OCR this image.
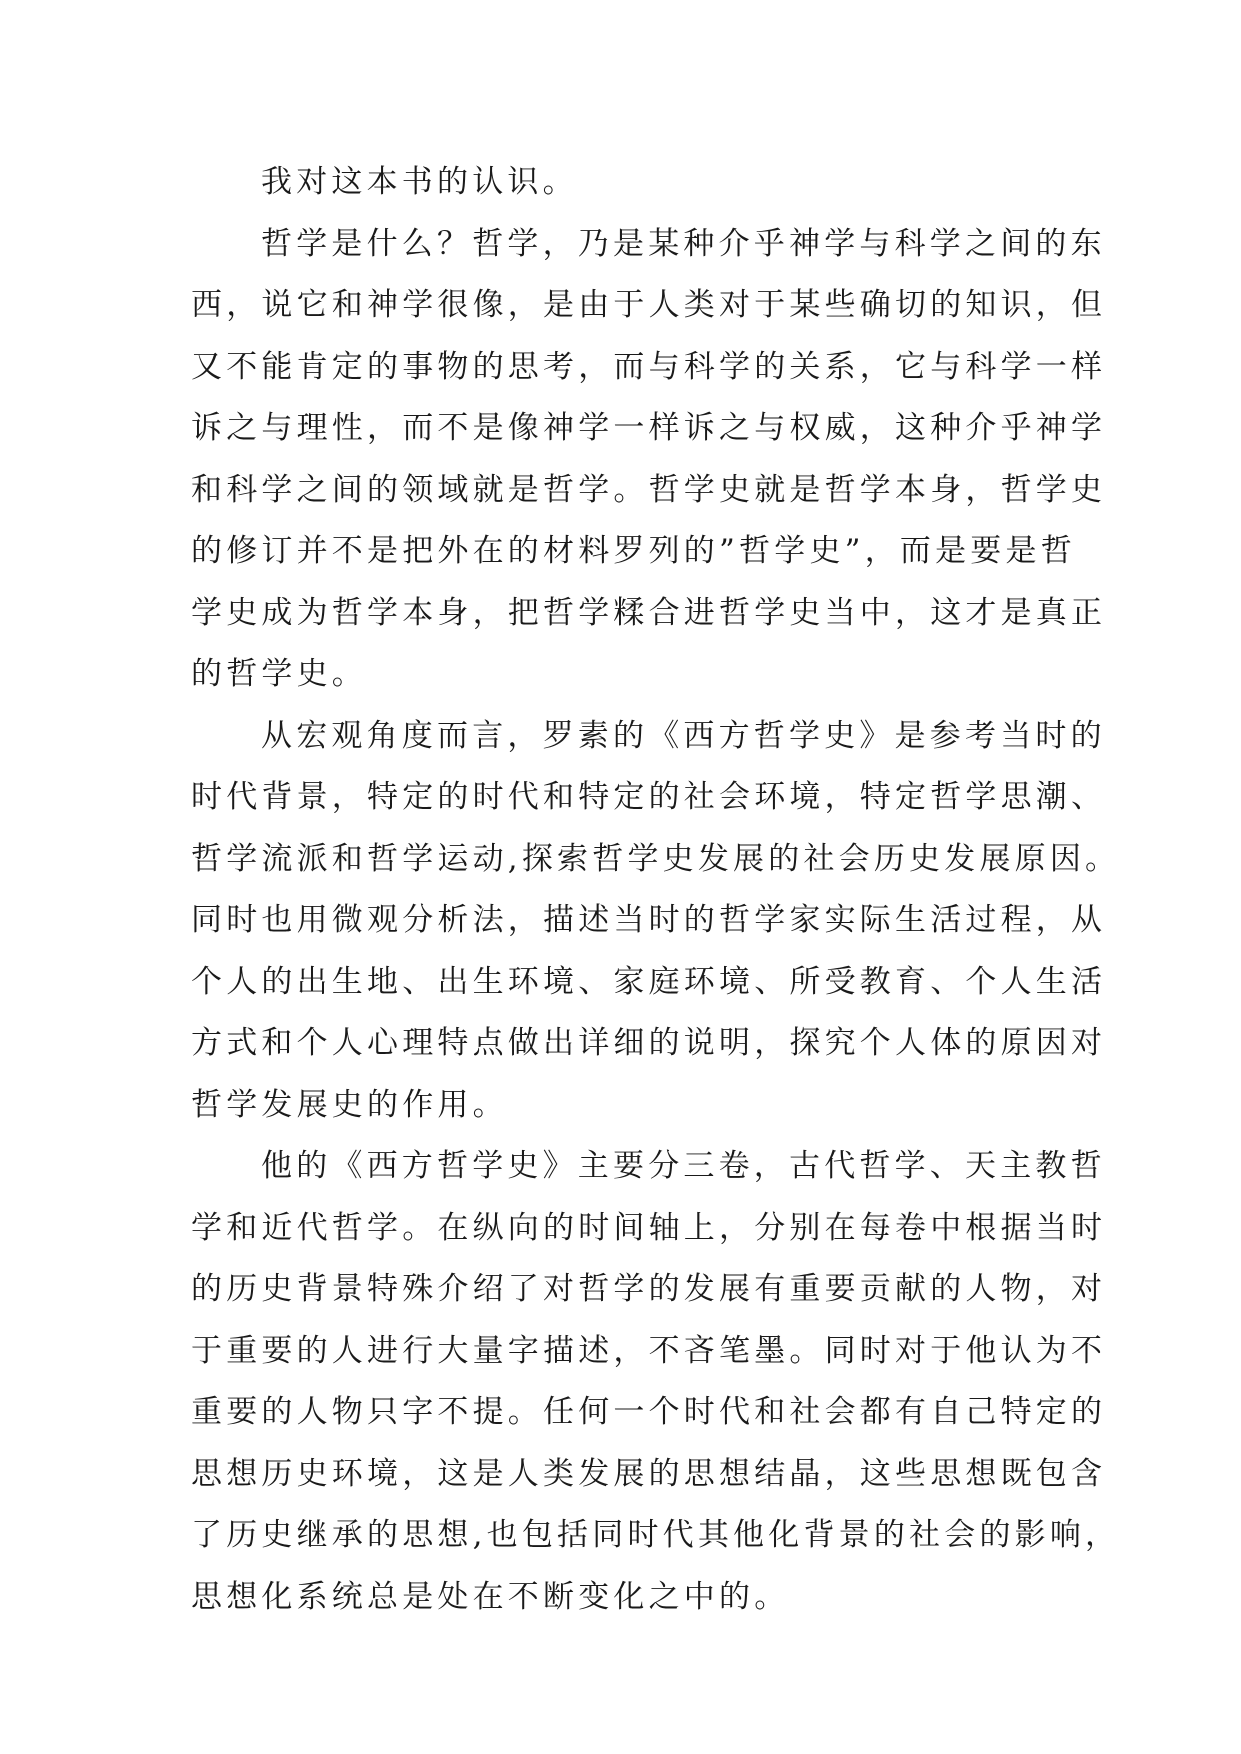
我对这本书的认识。
哲学是什么？哲学，乃是某种介乎神学与科学之间的东
西，说它和神学很像，是由于人类对于某些确切的知识，但
又不能肯定的事物的思考，而与科学的关系，它与科学一样
诉之与理性，而不是像神学一样诉之与权威，这种介乎神学
和科学之间的领域就是哲学。哲学史就是哲学本身，哲学史
的修订并不是把外在的材料罗列的”哲学史”，而是要是哲
学史成为哲学本身，把哲学糅合进哲学史当中，这才是真正
的哲学史。
从宏观角度而言，罗素的《西方哲学史》是参考当时的
时代背景，特定的时代和特定的社会环境，特定哲学思潮、
哲学流派和哲学运动,探索哲学史发展的社会历史发展原因。
同时也用微观分析法，描述当时的哲学家实际生活过程，从
个人的出生地、出生环境、家庭环境、所受教育、个人生活
方式和个人心理特点做出详细的说明，探究个人体的原因对
哲学发展史的作用。
他的《西方哲学史》主要分三卷，古代哲学、天主教哲
学和近代哲学。在纵向的时间轴上，分别在每卷中根据当时
的历史背景特殊介绍了对哲学的发展有重要贡献的人物，对
于重要的人进行大量字描述，不吝笔墨。同时对于他认为不
重要的人物只字不提。任何一个时代和社会都有自己特定的
思想历史环境，这是人类发展的思想结晶，这些思想既包含
了历史继承的思想,也包括同时代其他化背景的社会的影响，
思想化系统总是处在不断变化之中的。
